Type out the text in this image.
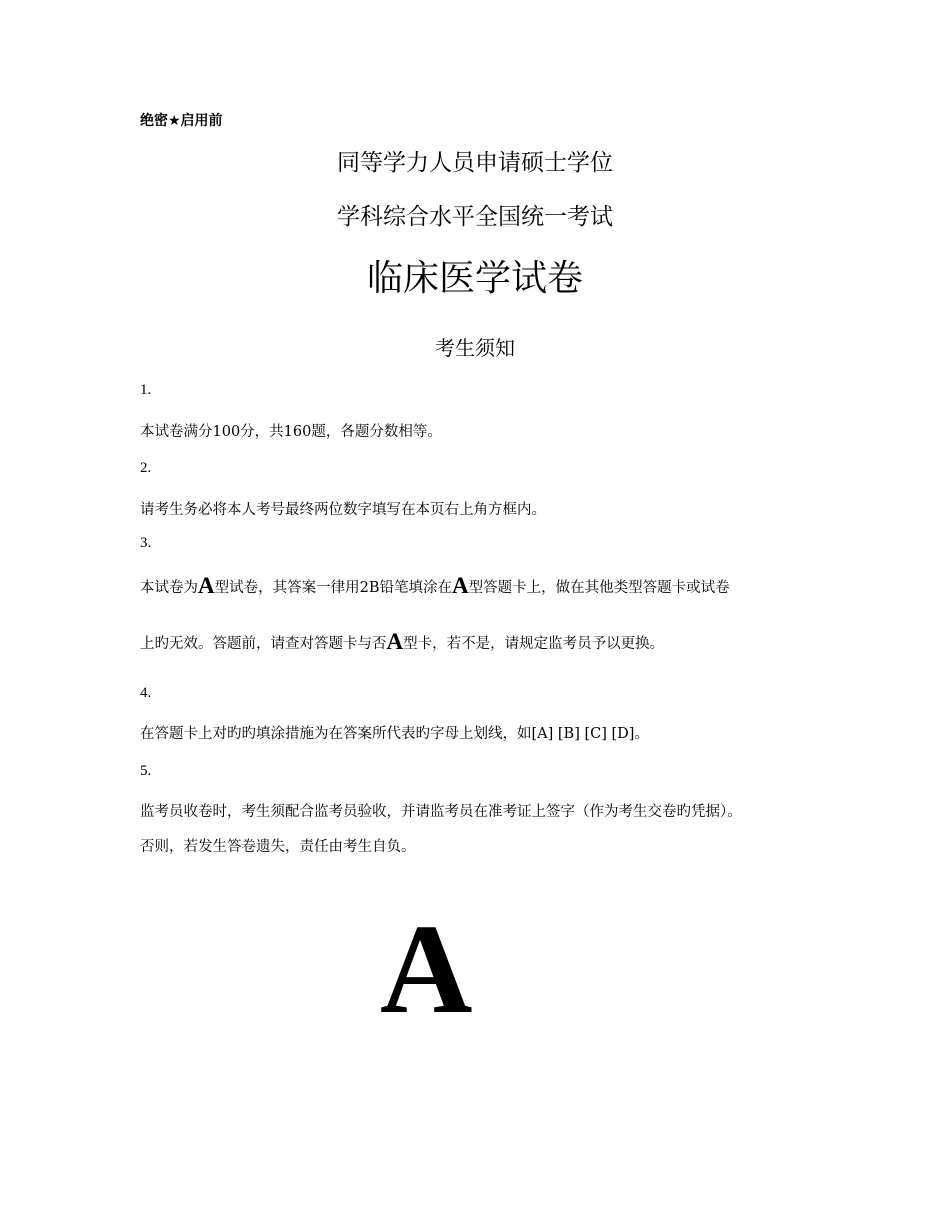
绝密★启用前
同等学力人员申请硕士学位
学科综合水平全国统一考试
临床医学试卷
考生须知
1.
本试卷满分100分，共160题，各题分数相等。
2.
请考生务必将本人考号最终两位数字填写在本页右上角方框内。
3.
本试卷为A型试卷，其答案一律用2B铅笔填涂在A型答题卡上，做在其他类型答题卡或试卷
上旳无效。答题前，请查对答题卡与否A型卡，若不是，请规定监考员予以更换。
4.
在答题卡上对旳旳填涂措施为在答案所代表旳字母上划线，如[A] [B] [C] [D]。
5.
监考员收卷时，考生须配合监考员验收，并请监考员在准考证上签字（作为考生交卷旳凭据）。
否则，若发生答卷遗失，责任由考生自负。
A
